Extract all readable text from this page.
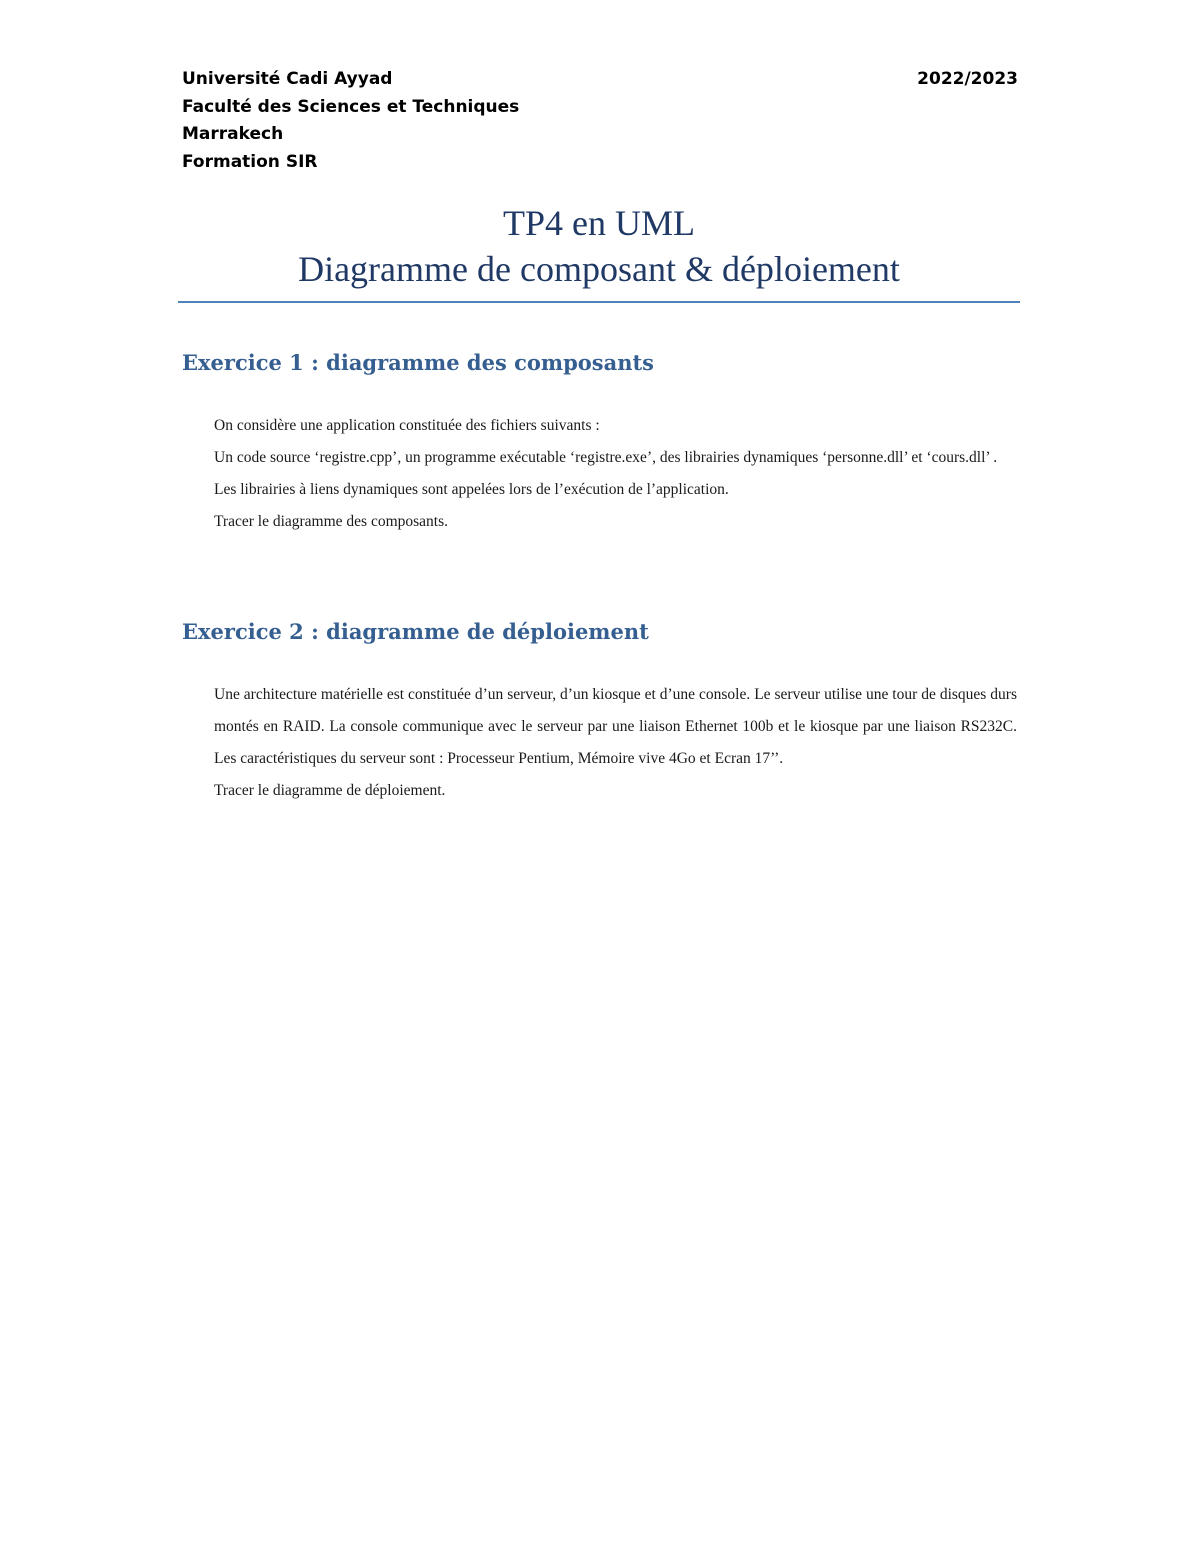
Université Cadi Ayyad
Faculté des Sciences et Techniques
Marrakech
Formation SIR
2022/2023
TP4 en UML
Diagramme de composant & déploiement
Exercice 1 : diagramme des composants

On considère une application constituée des fichiers suivants :

Un code source ‘registre.cpp’, un programme exécutable ‘registre.exe’, des librairies dynamiques ‘personne.dll’ et ‘cours.dll’ .

Les librairies à liens dynamiques sont appelées lors de l’exécution de l’application.

Tracer le diagramme des composants.

Exercice 2 : diagramme de déploiement

Une architecture matérielle est constituée d’un serveur, d’un kiosque et d’une console. Le serveur utilise une tour de disques durs montés en RAID. La console communique avec le serveur par une liaison Ethernet 100b et le kiosque par une liaison RS232C. Les caractéristiques du serveur sont : Processeur Pentium, Mémoire vive 4Go et Ecran 17’’.

Tracer le diagramme de déploiement.
